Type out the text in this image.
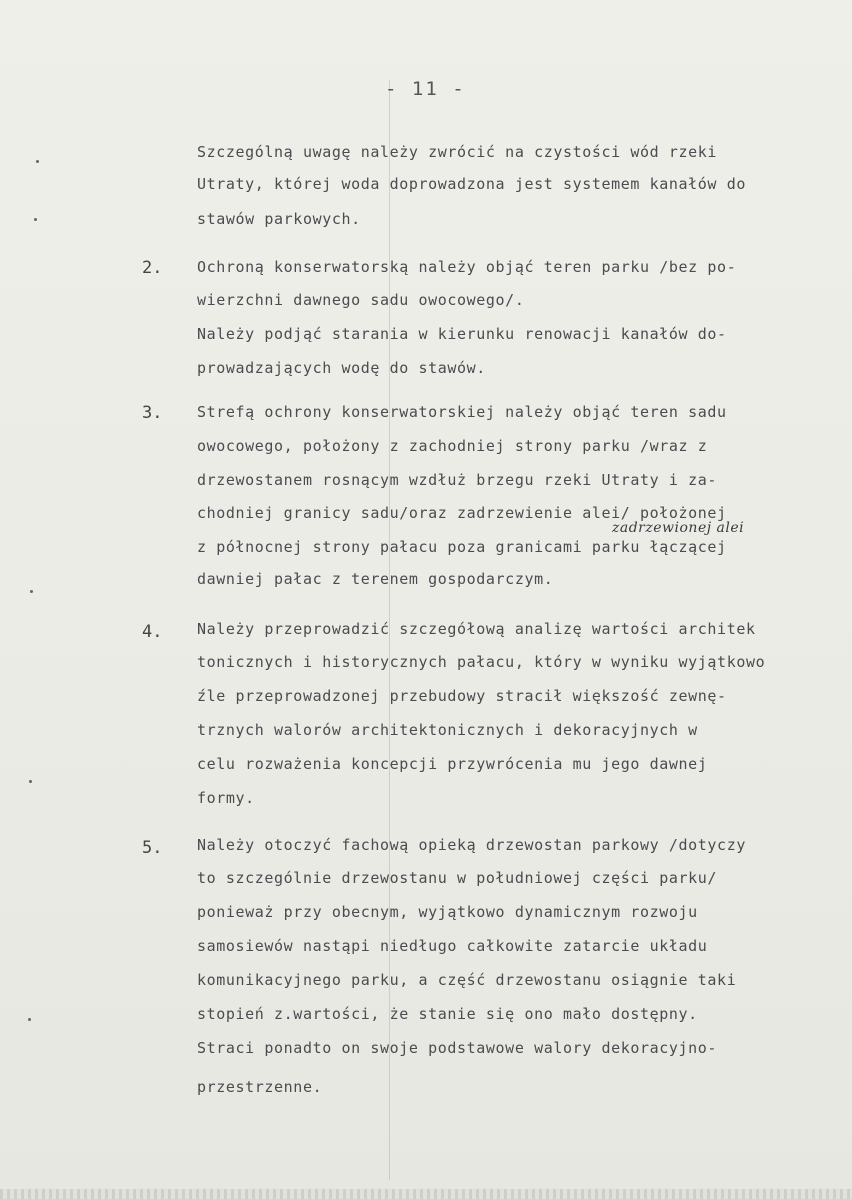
- 11 -
Szczególną uwagę należy zwrócić na czystości wód rzeki
Utraty, której woda doprowadzona jest systemem kanałów do
stawów parkowych.
2. Ochroną konserwatorską należy objąć teren parku /bez po-
wierzchni dawnego sadu owocowego/.
Należy podjąć starania w kierunku renowacji kanałów do-
prowadzających wodę do stawów.
3. Strefą ochrony konserwatorskiej należy objąć teren sadu
owocowego, położony z zachodniej strony parku /wraz z
drzewostanem rosnącym wzdłuż brzegu rzeki Utraty i za-
chodniej granicy sadu/oraz zadrzewienie alei/ położonej
zadrzewionej alei
z północnej strony pałacu poza granicami parku łączącej
dawniej pałac z terenem gospodarczym.
4. Należy przeprowadzić szczegółową analizę wartości architek
tonicznych i historycznych pałacu, który w wyniku wyjątkowo
źle przeprowadzonej przebudowy stracił większość zewnę-
trznych walorów architektonicznych i dekoracyjnych w
celu rozważenia koncepcji przywrócenia mu jego dawnej
formy.
5. Należy otoczyć fachową opieką drzewostan parkowy /dotyczy
to szczególnie drzewostanu w południowej części parku/
ponieważ przy obecnym, wyjątkowo dynamicznym rozwoju
samosiewów nastąpi niedługo całkowite zatarcie układu
komunikacyjnego parku, a część drzewostanu osiągnie taki
stopień z.wartości, że stanie się ono mało dostępny.
Straci ponadto on swoje podstawowe walory dekoracyjno-
przestrzenne.
